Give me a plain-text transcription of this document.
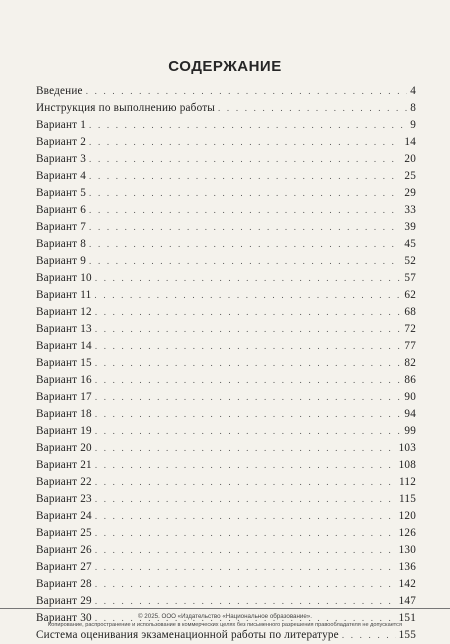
СОДЕРЖАНИЕ
Введение . . .	4
Инструкция по выполнению работы . . .	8
Вариант 1 . . .	9
Вариант 2 . . .	14
Вариант 3 . . .	20
Вариант 4 . . .	25
Вариант 5 . . .	29
Вариант 6 . . .	33
Вариант 7 . . .	39
Вариант 8 . . .	45
Вариант 9 . . .	52
Вариант 10 . . .	57
Вариант 11 . . .	62
Вариант 12 . . .	68
Вариант 13 . . .	72
Вариант 14 . . .	77
Вариант 15 . . .	82
Вариант 16 . . .	86
Вариант 17 . . .	90
Вариант 18 . . .	94
Вариант 19 . . .	99
Вариант 20 . . .	103
Вариант 21 . . .	108
Вариант 22 . . .	112
Вариант 23 . . .	115
Вариант 24 . . .	120
Вариант 25 . . .	126
Вариант 26 . . .	130
Вариант 27 . . .	136
Вариант 28 . . .	142
Вариант 29 . . .	147
Вариант 30 . . .	151
Система оценивания экзаменационной работы по литературе . . .	155
© 2025. ООО «Издательство «Национальное образование».
Копирование, распространение и использование в коммерческих целях без письменного разрешения правообладателя не допускается
